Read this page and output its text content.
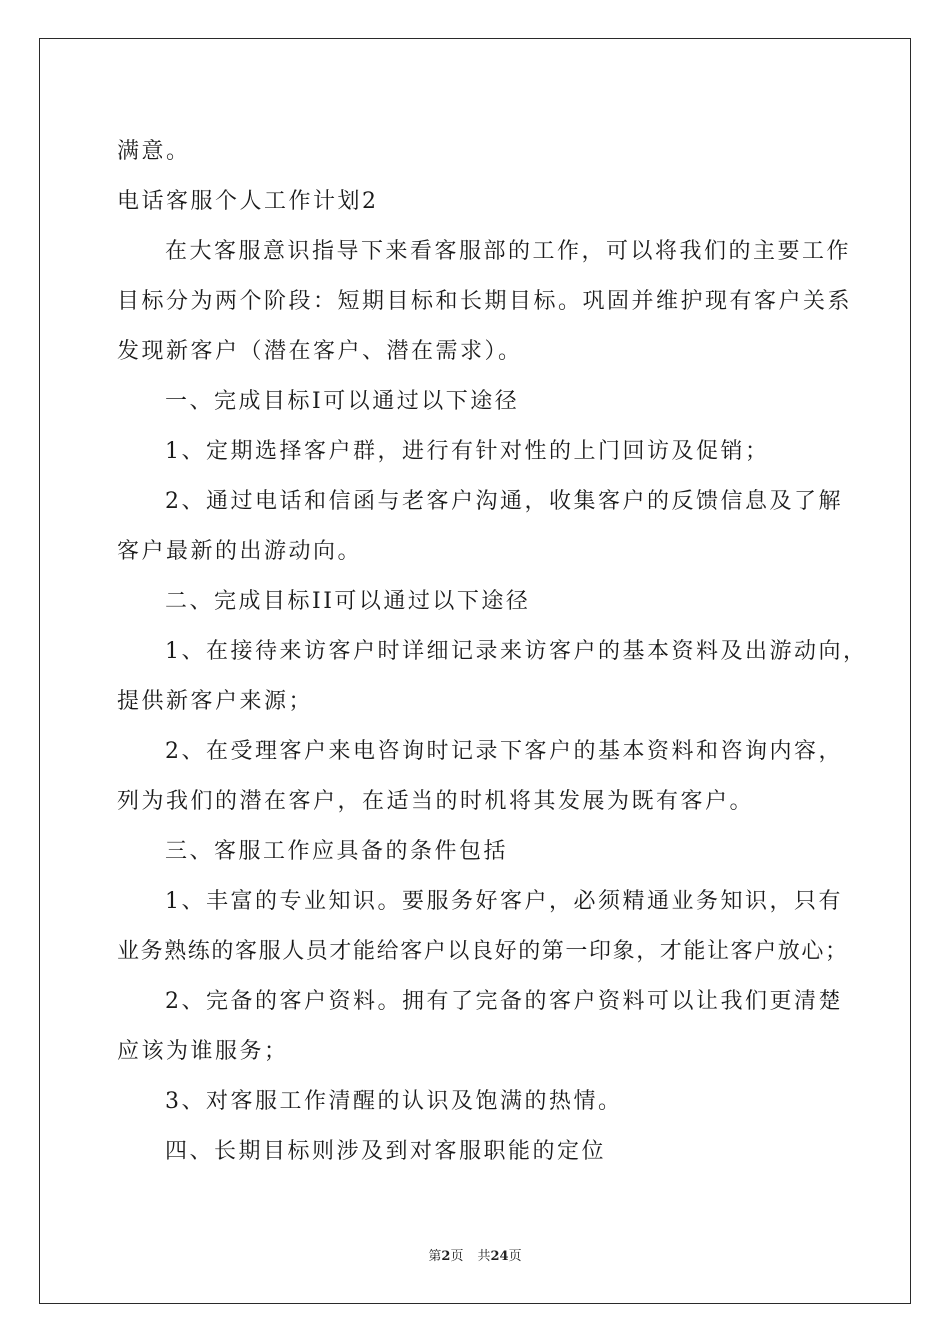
满意。
电话客服个人工作计划2
在大客服意识指导下来看客服部的工作，可以将我们的主要工作
目标分为两个阶段：短期目标和长期目标。巩固并维护现有客户关系
发现新客户（潜在客户、潜在需求）。
一、完成目标I可以通过以下途径
1、定期选择客户群，进行有针对性的上门回访及促销；
2、通过电话和信函与老客户沟通，收集客户的反馈信息及了解
客户最新的出游动向。
二、完成目标II可以通过以下途径
1、在接待来访客户时详细记录来访客户的基本资料及出游动向，
提供新客户来源；
2、在受理客户来电咨询时记录下客户的基本资料和咨询内容，
列为我们的潜在客户，在适当的时机将其发展为既有客户。
三、客服工作应具备的条件包括
1、丰富的专业知识。要服务好客户，必须精通业务知识，只有
业务熟练的客服人员才能给客户以良好的第一印象，才能让客户放心；
2、完备的客户资料。拥有了完备的客户资料可以让我们更清楚
应该为谁服务；
3、对客服工作清醒的认识及饱满的热情。
四、长期目标则涉及到对客服职能的定位
第2页 共24页
